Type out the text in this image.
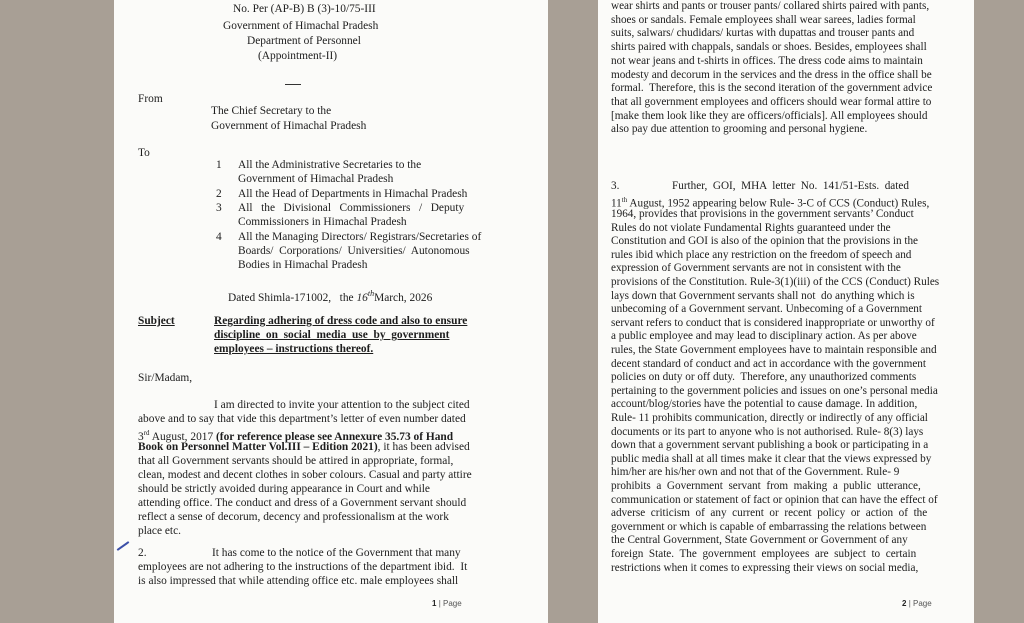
No. Per (AP-B) B (3)-10/75-III
Government of Himachal Pradesh
Department of Personnel
(Appointment-II)
From
The Chief Secretary to the
Government of Himachal Pradesh
To
1 All the Administrative Secretaries to the
Government of Himachal Pradesh
2 All the Head of Departments in Himachal Pradesh
3 All   the   Divisional   Commissioners   /   Deputy
Commissioners in Himachal Pradesh
4 All the Managing Directors/ Registrars/Secretaries of
Boards/  Corporations/  Universities/  Autonomous
Bodies in Himachal Pradesh
Dated Shimla-171002,   the 16thMarch, 2026
Subject	Regarding adhering of dress code and also to ensure
discipline  on  social  media  use  by  government
employees – instructions thereof.
Sir/Madam,
I am directed to invite your attention to the subject cited
above and to say that vide this department’s letter of even number dated
3rd August, 2017 (for reference please see Annexure 35.73 of Hand
Book on Personnel Matter Vol.III – Edition 2021), it has been advised
that all Government servants should be attired in appropriate, formal,
clean, modest and decent clothes in sober colours. Casual and party attire
should be strictly avoided during appearance in Court and while
attending office. The conduct and dress of a Government servant should
reflect a sense of decorum, decency and professionalism at the work
place etc.
2.	It has come to the notice of the Government that many
employees are not adhering to the instructions of the department ibid.  It
is also impressed that while attending office etc. male employees shall
1 | Page
wear shirts and pants or trouser pants/ collared shirts paired with pants,
shoes or sandals. Female employees shall wear sarees, ladies formal
suits, salwars/ chudidars/ kurtas with dupattas and trouser pants and
shirts paired with chappals, sandals or shoes. Besides, employees shall
not wear jeans and t-shirts in offices. The dress code aims to maintain
modesty and decorum in the services and the dress in the office shall be
formal.  Therefore, this is the second iteration of the government advice
that all government employees and officers should wear formal attire to
[make them look like they are officers/officials]. All employees should
also pay due attention to grooming and personal hygiene.
3.	Further,  GOI,  MHA  letter  No.  141/51-Ests.  dated
11th August, 1952 appearing below Rule- 3-C of CCS (Conduct) Rules,
1964, provides that provisions in the government servants’ Conduct
Rules do not violate Fundamental Rights guaranteed under the
Constitution and GOI is also of the opinion that the provisions in the
rules ibid which place any restriction on the freedom of speech and
expression of Government servants are not in consistent with the
provisions of the Constitution. Rule-3(1)(iii) of the CCS (Conduct) Rules
lays down that Government servants shall not  do anything which is
unbecoming of a Government servant. Unbecoming of a Government
servant refers to conduct that is considered inappropriate or unworthy of
a public employee and may lead to disciplinary action. As per above
rules, the State Government employees have to maintain responsible and
decent standard of conduct and act in accordance with the government
policies on duty or off duty.  Therefore, any unauthorized comments
pertaining to the government policies and issues on one’s personal media
account/blog/stories have the potential to cause damage. In addition,
Rule- 11 prohibits communication, directly or indirectly of any official
documents or its part to anyone who is not authorised. Rule- 8(3) lays
down that a government servant publishing a book or participating in a
public media shall at all times make it clear that the views expressed by
him/her are his/her own and not that of the Government. Rule- 9
prohibits  a  Government  servant  from  making  a  public  utterance,
communication or statement of fact or opinion that can have the effect of
adverse  criticism  of  any  current  or  recent  policy  or  action  of  the
government or which is capable of embarrassing the relations between
the Central Government, State Government or Government of any
foreign  State.  The  government  employees  are  subject  to  certain
restrictions when it comes to expressing their views on social media,
2 | Page
